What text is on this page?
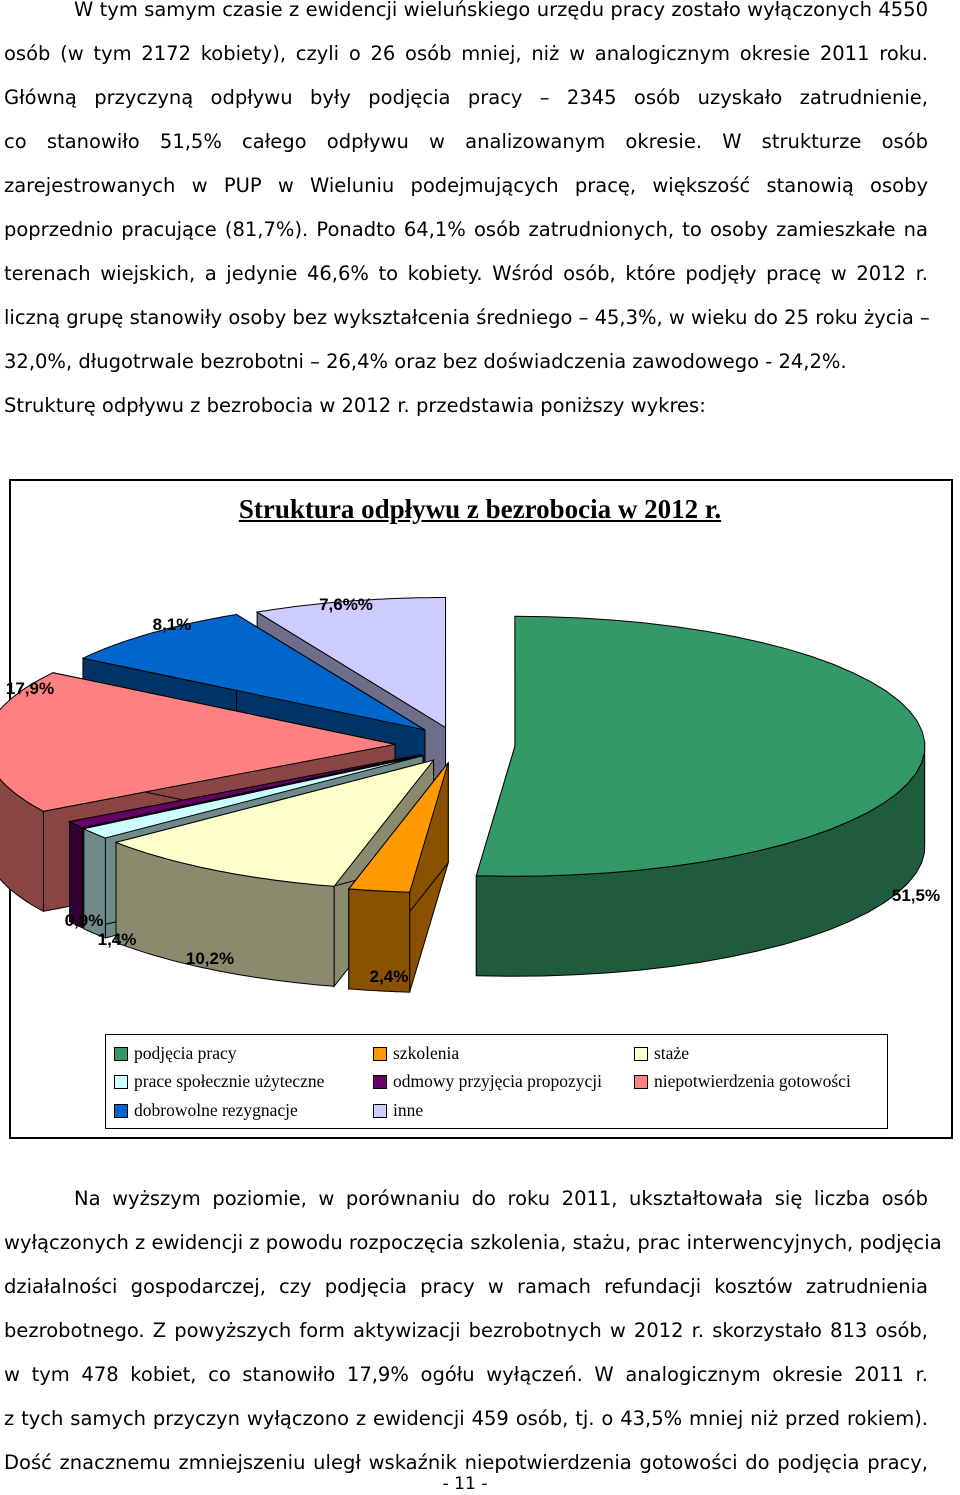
W tym samym czasie z ewidencji wieluńskiego urzędu pracy zostało wyłączonych 4550
osób (w tym 2172 kobiety), czyli o 26 osób mniej, niż w analogicznym okresie 2011 roku.
Główną przyczyną odpływu były podjęcia pracy – 2345 osób uzyskało zatrudnienie,
co stanowiło 51,5% całego odpływu w analizowanym okresie. W strukturze osób
zarejestrowanych w PUP w Wieluniu podejmujących pracę, większość stanowią osoby
poprzednio pracujące (81,7%). Ponadto 64,1% osób zatrudnionych, to osoby zamieszkałe na
terenach wiejskich, a jedynie 46,6% to kobiety. Wśród osób, które podjęły pracę w 2012 r.
liczną grupę stanowiły osoby bez wykształcenia średniego – 45,3%, w wieku do 25 roku życia –
32,0%, długotrwale bezrobotni – 26,4% oraz bez doświadczenia zawodowego - 24,2%.
Strukturę odpływu z bezrobocia w 2012 r. przedstawia poniższy wykres:
Struktura odpływu z bezrobocia w 2012 r.
51,5%
2,4%
10,2%
1,4%
0,9%
17,9%
8,1%
7,6%%
podjęcia pracy	szkolenia	staże
prace społecznie użyteczne	odmowy przyjęcia propozycji	niepotwierdzenia gotowości
dobrowolne rezygnacje	inne
Na wyższym poziomie, w porównaniu do roku 2011, ukształtowała się liczba osób
wyłączonych z ewidencji z powodu rozpoczęcia szkolenia, stażu, prac interwencyjnych, podjęcia
działalności gospodarczej, czy podjęcia pracy w ramach refundacji kosztów zatrudnienia
bezrobotnego. Z powyższych form aktywizacji bezrobotnych w 2012 r. skorzystało 813 osób,
w tym 478 kobiet, co stanowiło 17,9% ogółu wyłączeń. W analogicznym okresie 2011 r.
z tych samych przyczyn wyłączono z ewidencji 459 osób, tj. o 43,5% mniej niż przed rokiem).
Dość znacznemu zmniejszeniu uległ wskaźnik niepotwierdzenia gotowości do podjęcia pracy,
- 11 -
